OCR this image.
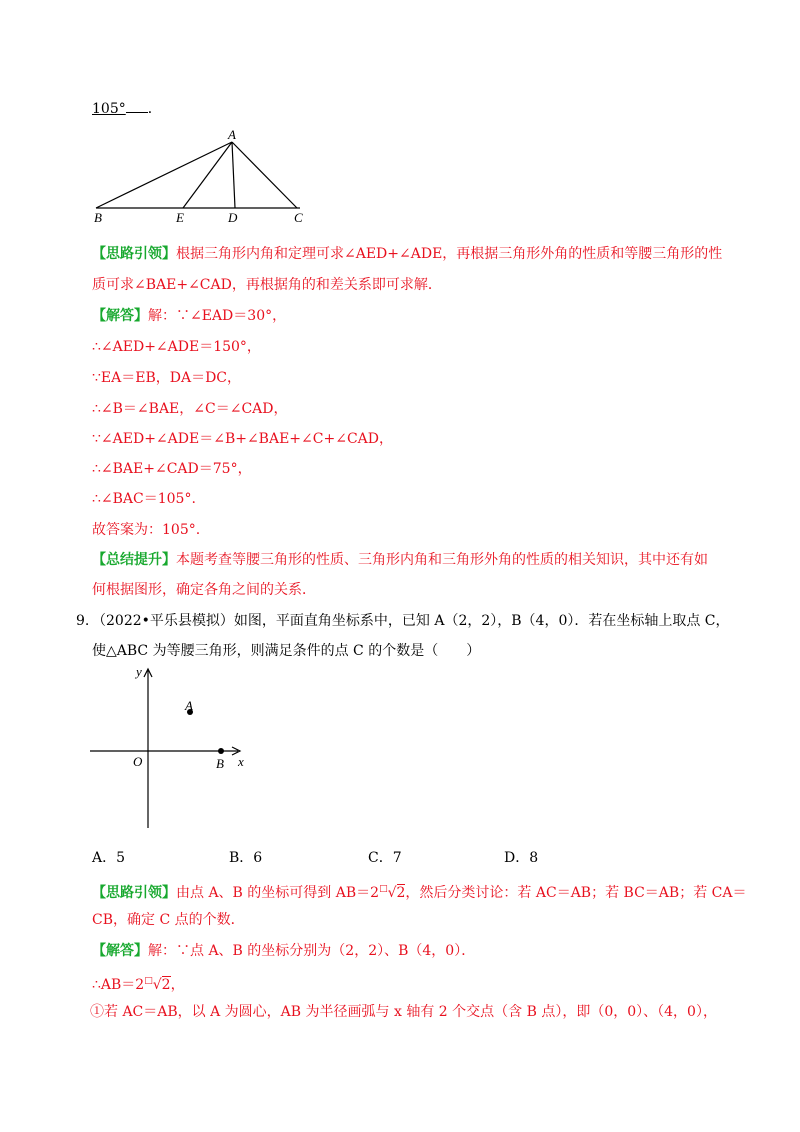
105° ．
A
B	E	D	C
【思路引领】根据三角形内角和定理可求∠AED+∠ADE，再根据三角形外角的性质和等腰三角形的性
质可求∠BAE+∠CAD，再根据角的和差关系即可求解．
【解答】解：∵∠EAD＝30°，
∴∠AED+∠ADE＝150°，
∵EA＝EB，DA＝DC，
∴∠B＝∠BAE，∠C＝∠CAD，
∵∠AED+∠ADE＝∠B+∠BAE+∠C+∠CAD，
∴∠BAE+∠CAD＝75°，
∴∠BAC＝105°.
故答案为：105°.
【总结提升】本题考查等腰三角形的性质、三角形内角和三角形外角的性质的相关知识，其中还有如
何根据图形，确定各角之间的关系．
9. （2022•平乐县模拟）如图，平面直角坐标系中，已知 A（2，2），B（4，0）．若在坐标轴上取点 C，
使△ABC 为等腰三角形，则满足条件的点 C 的个数是（　　）
y
x
O
A
B
A．5	B．6	C．7	D．8
【思路引领】由点 A、B 的坐标可得到 AB＝2□√2，然后分类讨论：若 AC＝AB；若 BC＝AB；若 CA＝
CB，确定 C 点的个数．
【解答】解：∵点 A、B 的坐标分别为（2，2）、B（4，0）．
∴AB＝2□√2，
①若 AC＝AB，以 A 为圆心，AB 为半径画弧与 x 轴有 2 个交点（含 B 点），即（0，0）、（4，0），
